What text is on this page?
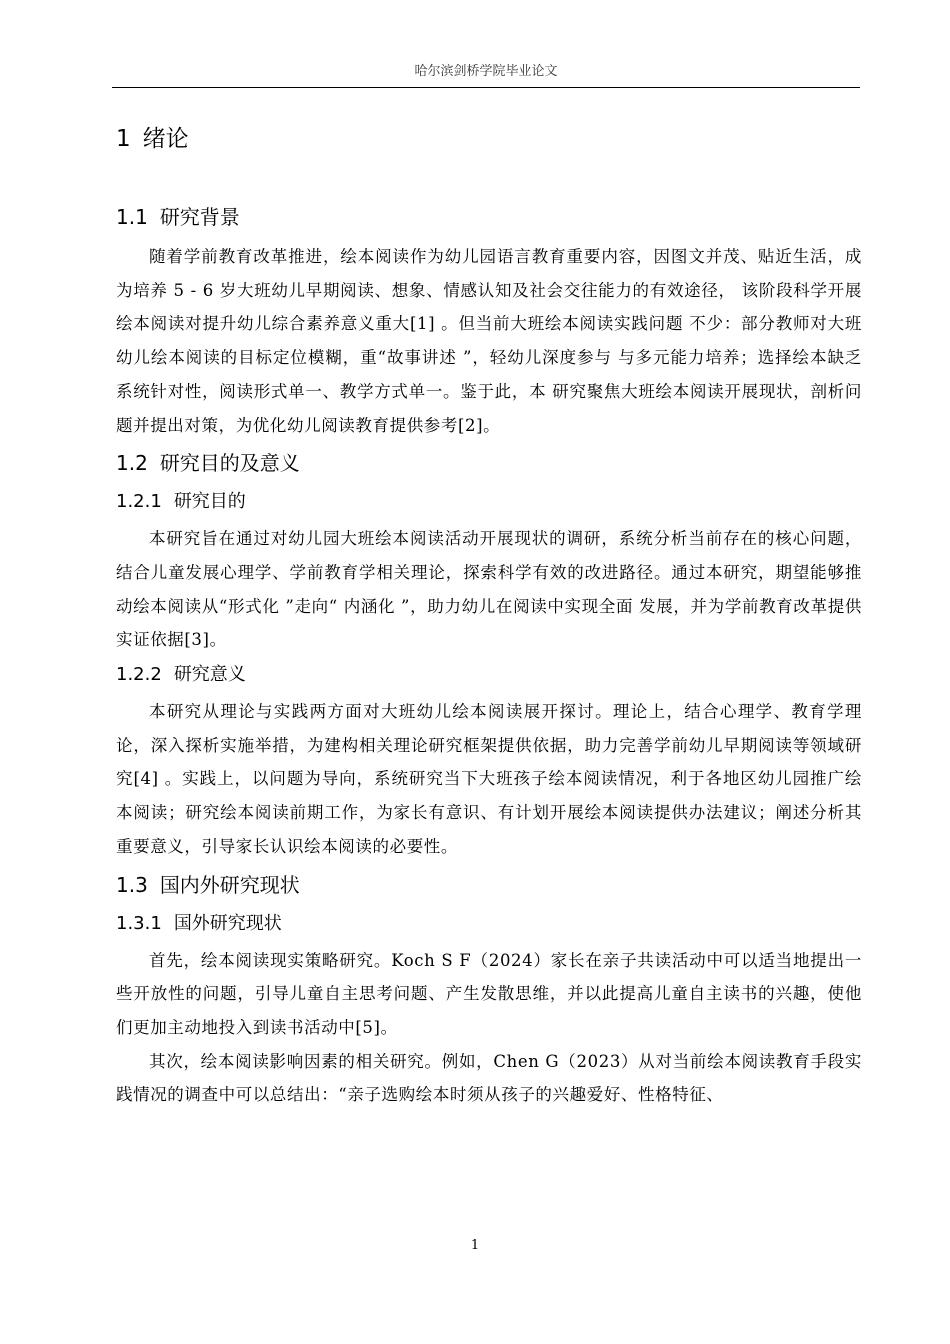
哈尔滨剑桥学院毕业论文
1 绪论
1.1 研究背景

随着学前教育改革推进，绘本阅读作为幼儿园语言教育重要内容，因图文并茂、贴近生活，成为培养 5 - 6 岁大班幼儿早期阅读、想象、情感认知及社会交往能力的有效途径， 该阶段科学开展绘本阅读对提升幼儿综合素养意义重大[1] 。但当前大班绘本阅读实践问题 不少：部分教师对大班幼儿绘本阅读的目标定位模糊，重“故事讲述 ”，轻幼儿深度参与 与多元能力培养；选择绘本缺乏系统针对性，阅读形式单一、教学方式单一。鉴于此，本 研究聚焦大班绘本阅读开展现状，剖析问题并提出对策，为优化幼儿阅读教育提供参考[2]。

1.2 研究目的及意义
1.2.1 研究目的

本研究旨在通过对幼儿园大班绘本阅读活动开展现状的调研，系统分析当前存在的核心问题，结合儿童发展心理学、学前教育学相关理论，探索科学有效的改进路径。通过本研究，期望能够推动绘本阅读从“形式化 ”走向“ 内涵化 ”，助力幼儿在阅读中实现全面 发展，并为学前教育改革提供实证依据[3]。

1.2.2 研究意义

本研究从理论与实践两方面对大班幼儿绘本阅读展开探讨。理论上，结合心理学、教育学理论，深入探析实施举措，为建构相关理论研究框架提供依据，助力完善学前幼儿早期阅读等领域研究[4] 。实践上，以问题为导向，系统研究当下大班孩子绘本阅读情况，利于各地区幼儿园推广绘本阅读；研究绘本阅读前期工作，为家长有意识、有计划开展绘本阅读提供办法建议；阐述分析其重要意义，引导家长认识绘本阅读的必要性。

1.3 国内外研究现状
1.3.1 国外研究现状

首先，绘本阅读现实策略研究。Koch S F（2024）家长在亲子共读活动中可以适当地提出一些开放性的问题，引导儿童自主思考问题、产生发散思维，并以此提高儿童自主读书的兴趣，使他们更加主动地投入到读书活动中[5]。

其次，绘本阅读影响因素的相关研究。例如，Chen G（2023）从对当前绘本阅读教育手段实践情况的调查中可以总结出：“亲子选购绘本时须从孩子的兴趣爱好、性格特征、

1
